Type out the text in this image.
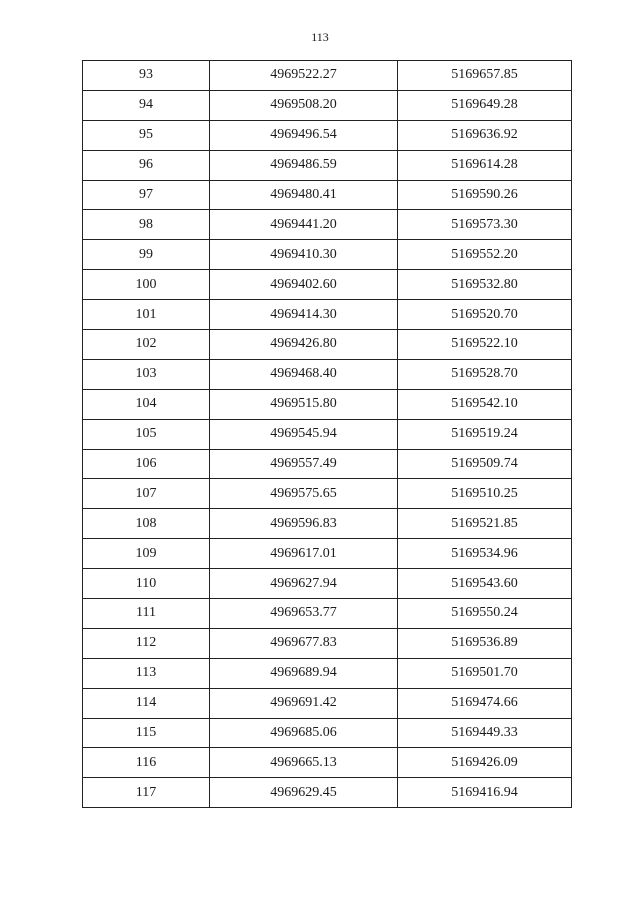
113
93	4969522.27	5169657.85
94	4969508.20	5169649.28
95	4969496.54	5169636.92
96	4969486.59	5169614.28
97	4969480.41	5169590.26
98	4969441.20	5169573.30
99	4969410.30	5169552.20
100	4969402.60	5169532.80
101	4969414.30	5169520.70
102	4969426.80	5169522.10
103	4969468.40	5169528.70
104	4969515.80	5169542.10
105	4969545.94	5169519.24
106	4969557.49	5169509.74
107	4969575.65	5169510.25
108	4969596.83	5169521.85
109	4969617.01	5169534.96
110	4969627.94	5169543.60
111	4969653.77	5169550.24
112	4969677.83	5169536.89
113	4969689.94	5169501.70
114	4969691.42	5169474.66
115	4969685.06	5169449.33
116	4969665.13	5169426.09
117	4969629.45	5169416.94
